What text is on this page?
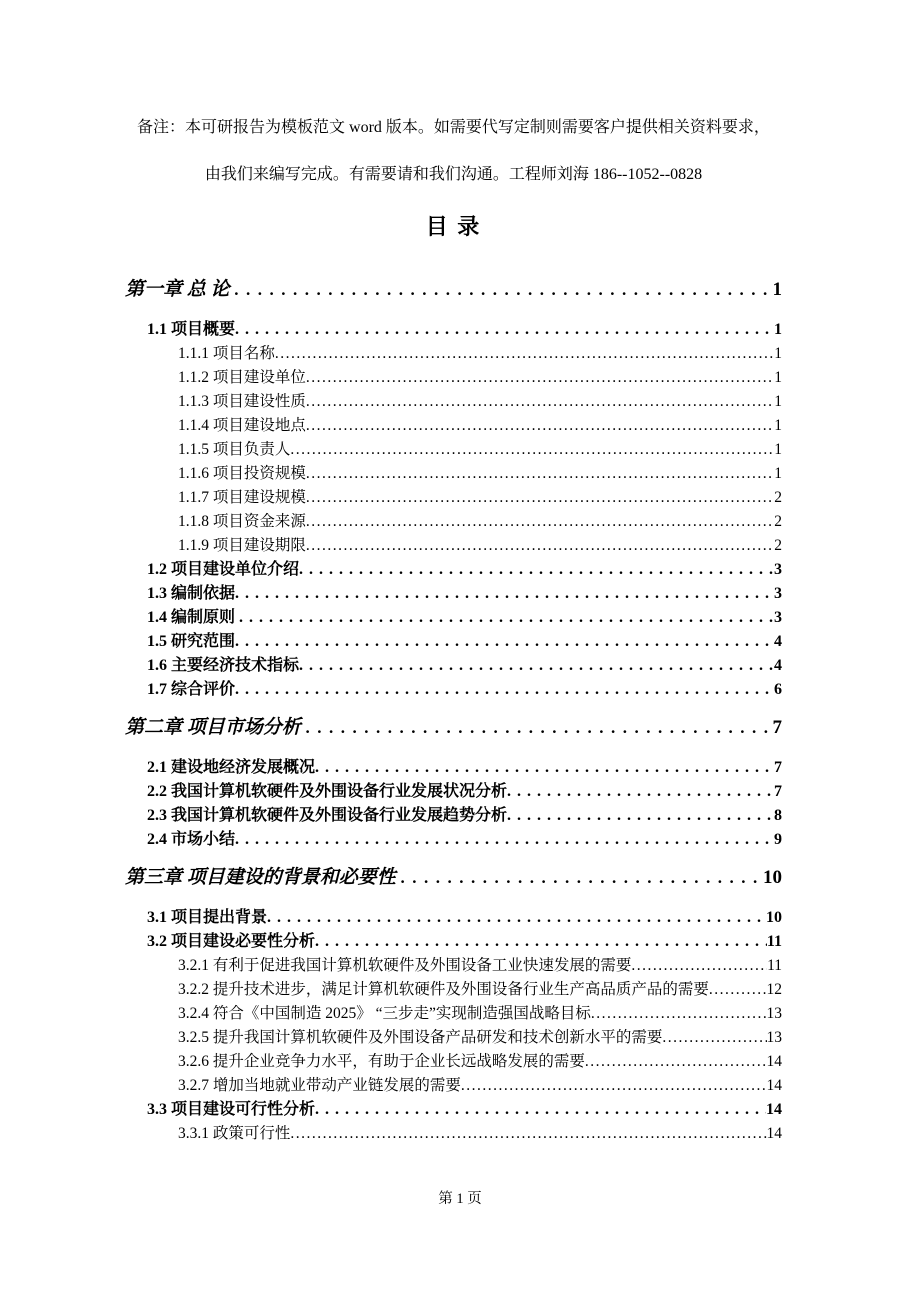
备注：本可研报告为模板范文 word 版本。如需要代写定制则需要客户提供相关资料要求，
由我们来编写完成。有需要请和我们沟通。工程师刘海 186--1052--0828
目 录
第一章 总 论 .....	1
1.1 项目概要 .....	1
1.1.1 项目名称 .....	1
1.1.2 项目建设单位 .....	1
1.1.3 项目建设性质 .....	1
1.1.4 项目建设地点 .....	1
1.1.5 项目负责人 .....	1
1.1.6 项目投资规模 .....	1
1.1.7 项目建设规模 .....	2
1.1.8 项目资金来源 .....	2
1.1.9 项目建设期限 .....	2
1.2 项目建设单位介绍 .....	3
1.3 编制依据 .....	3
1.4 编制原则 .....	3
1.5 研究范围 .....	4
1.6 主要经济技术指标 .....	4
1.7 综合评价 .....	6
第二章 项目市场分析 .....	7
2.1 建设地经济发展概况 .....	7
2.2 我国计算机软硬件及外围设备行业发展状况分析 .....	7
2.3 我国计算机软硬件及外围设备行业发展趋势分析 .....	8
2.4 市场小结 .....	9
第三章 项目建设的背景和必要性 .....	10
3.1 项目提出背景 .....	10
3.2 项目建设必要性分析 .....	11
3.2.1 有利于促进我国计算机软硬件及外围设备工业快速发展的需要 .....	11
3.2.2 提升技术进步，满足计算机软硬件及外围设备行业生产高品质产品的需要 .....	12
3.2.4 符合《中国制造 2025》 “三步走”实现制造强国战略目标 .....	13
3.2.5 提升我国计算机软硬件及外围设备产品研发和技术创新水平的需要 .....	13
3.2.6 提升企业竞争力水平，有助于企业长远战略发展的需要 .....	14
3.2.7 增加当地就业带动产业链发展的需要 .....	14
3.3 项目建设可行性分析 .....	14
3.3.1 政策可行性 .....	14
第 1 页
